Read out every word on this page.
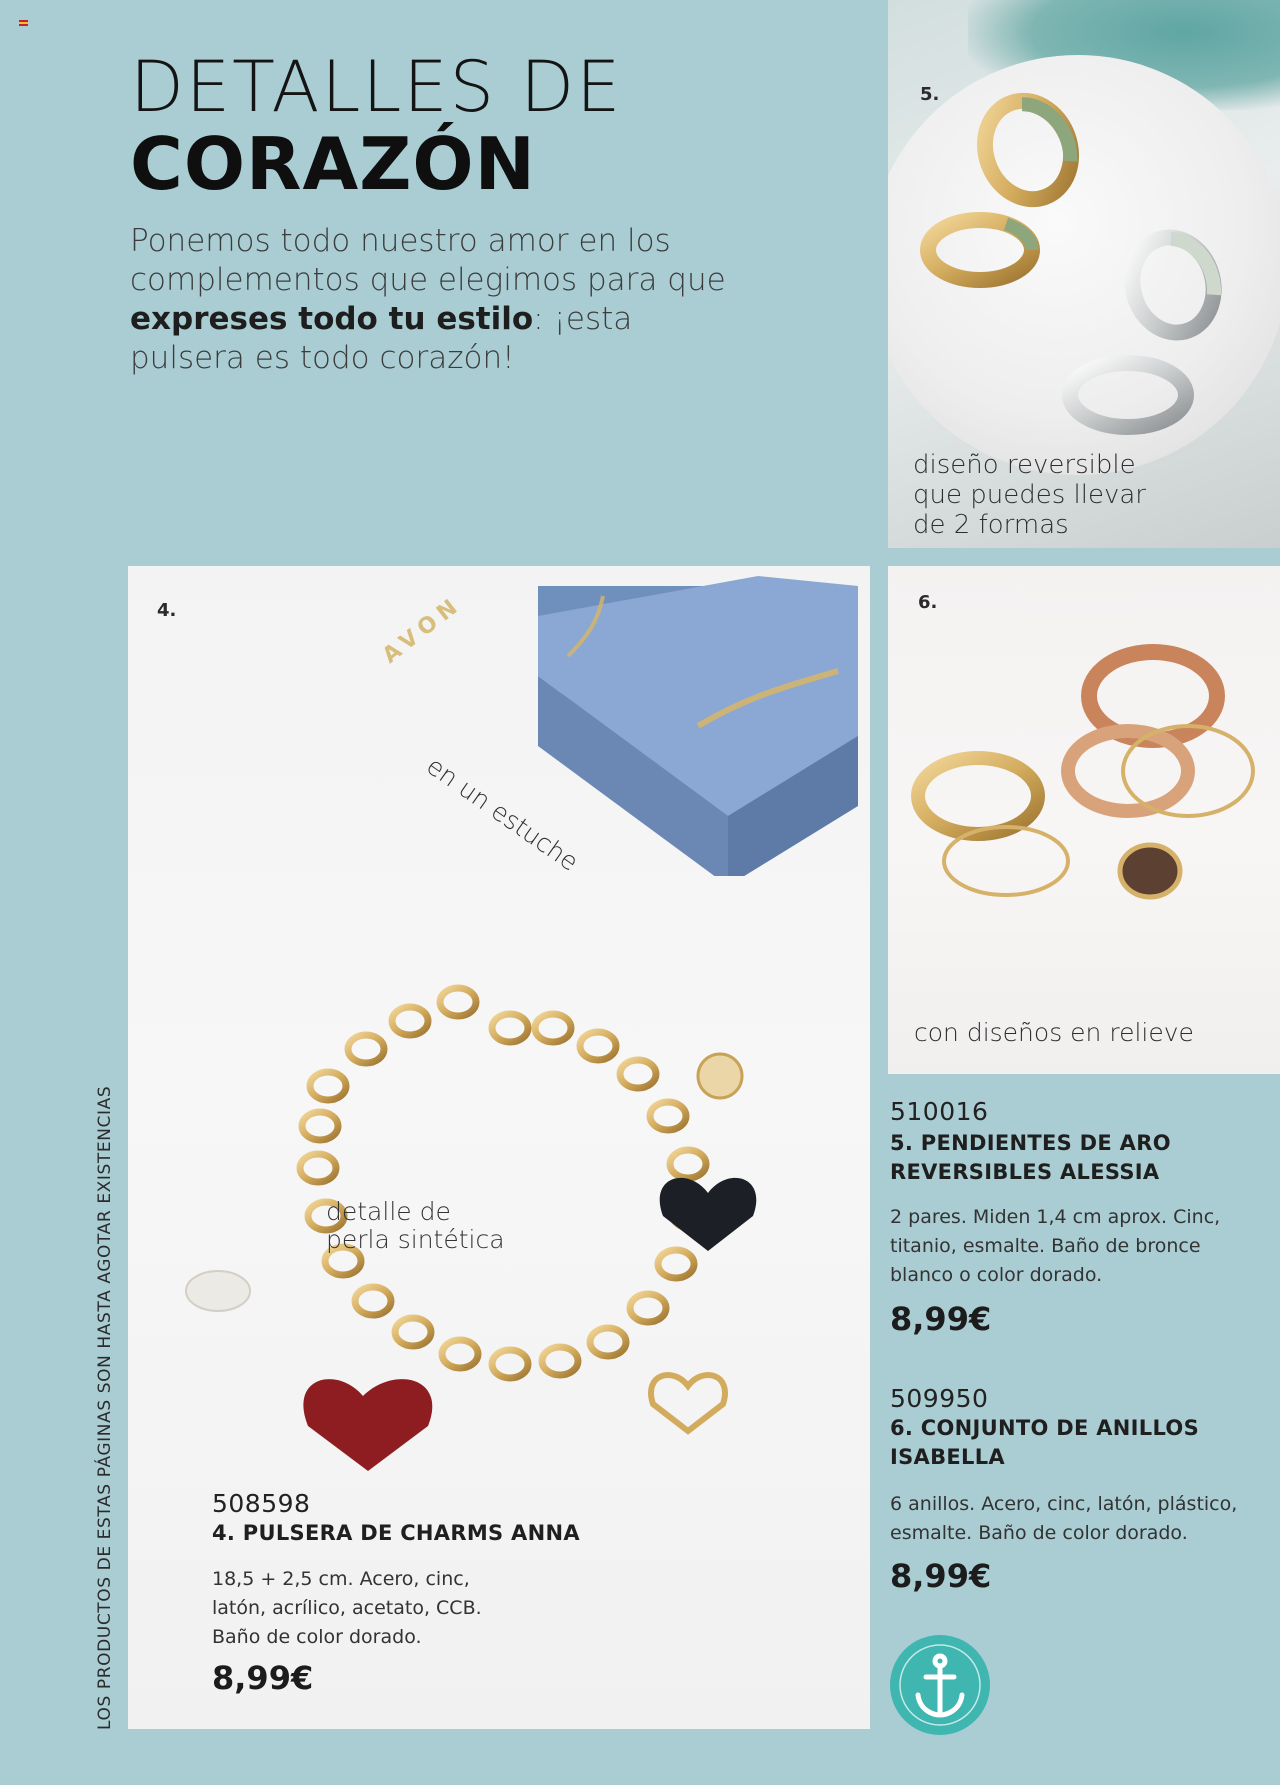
DETALLES DE
CORAZÓN
Ponemos todo nuestro amor en los complementos que elegimos para que expreses todo tu estilo: ¡esta pulsera es todo corazón!
5.
diseño reversible
que puedes llevar
de 2 formas
4.	AVON
en un estuche
detalle de
perla sintética
508598
4. PULSERA DE CHARMS ANNA
18,5 + 2,5 cm. Acero, cinc,
latón, acrílico, acetato, CCB.
Baño de color dorado.
8,99€
6.
con diseños en relieve
510016
5. PENDIENTES DE ARO
REVERSIBLES ALESSIA
2 pares. Miden 1,4 cm aprox. Cinc,
titanio, esmalte. Baño de bronce
blanco o color dorado.
8,99€
509950
6. CONJUNTO DE ANILLOS
ISABELLA
6 anillos. Acero, cinc, latón, plástico,
esmalte. Baño de color dorado.
8,99€
LOS PRODUCTOS DE ESTAS PÁGINAS SON HASTA AGOTAR EXISTENCIAS
